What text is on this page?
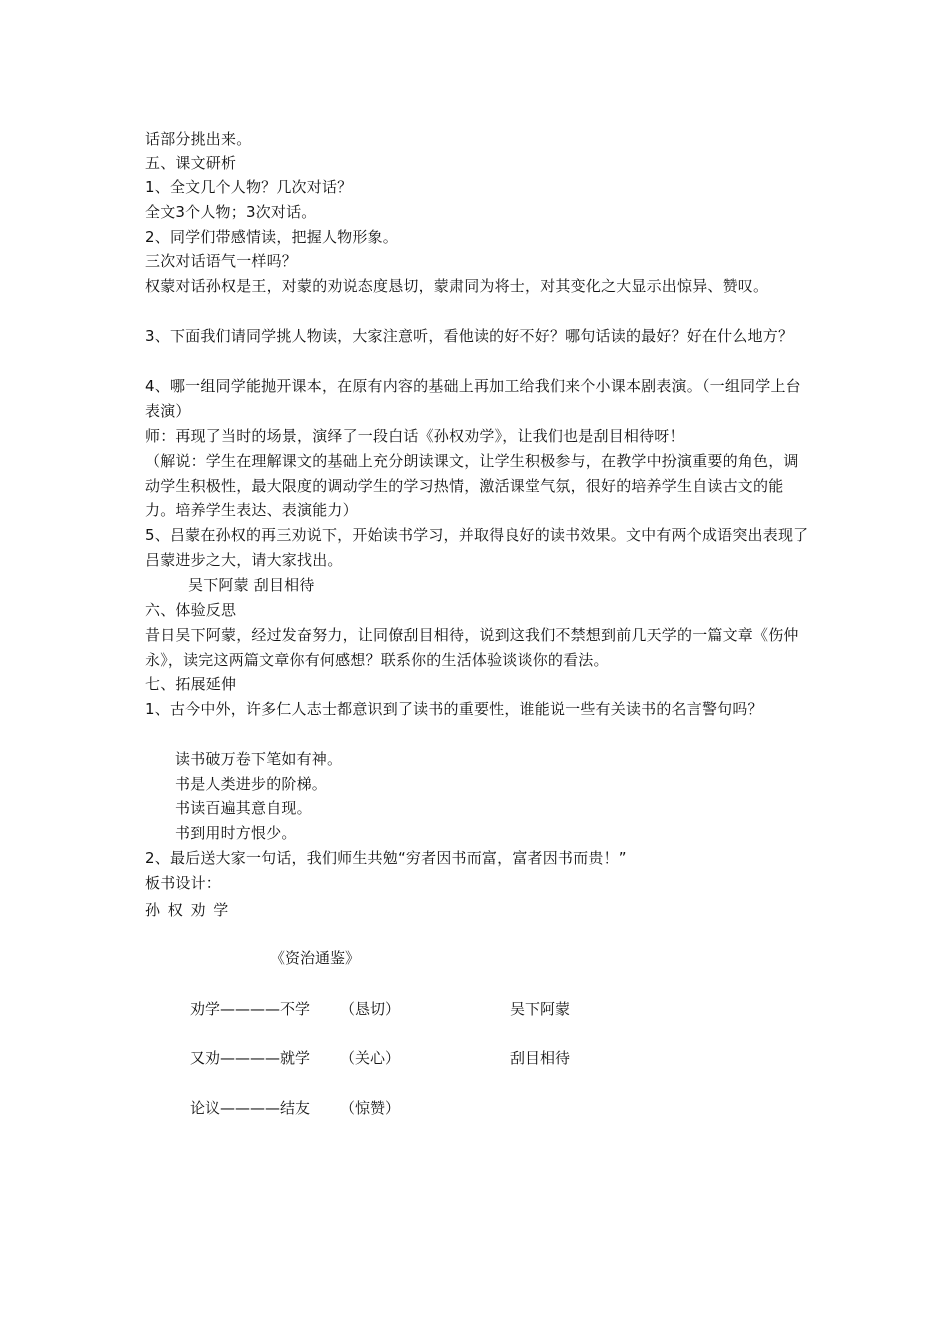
话部分挑出来。
五、课文研析
1、全文几个人物？几次对话？
全文3个人物；3次对话。
2、同学们带感情读，把握人物形象。
三次对话语气一样吗？
权蒙对话孙权是王，对蒙的劝说态度恳切，蒙肃同为将士，对其变化之大显示出惊异、赞叹。
3、下面我们请同学挑人物读，大家注意听，看他读的好不好？哪句话读的最好？好在什么地方？
4、哪一组同学能抛开课本，在原有内容的基础上再加工给我们来个小课本剧表演。（一组同学上台表演）
师：再现了当时的场景，演绎了一段白话《孙权劝学》，让我们也是刮目相待呀！
（解说：学生在理解课文的基础上充分朗读课文，让学生积极参与，在教学中扮演重要的角色，调动学生积极性，最大限度的调动学生的学习热情，激活课堂气氛，很好的培养学生自读古文的能力。培养学生表达、表演能力）
5、吕蒙在孙权的再三劝说下，开始读书学习，并取得良好的读书效果。文中有两个成语突出表现了吕蒙进步之大，请大家找出。
吴下阿蒙 刮目相待
六、体验反思
昔日吴下阿蒙，经过发奋努力，让同僚刮目相待，说到这我们不禁想到前几天学的一篇文章《伤仲永》，读完这两篇文章你有何感想？联系你的生活体验谈谈你的看法。
七、拓展延伸
1、古今中外，许多仁人志士都意识到了读书的重要性，谁能说一些有关读书的名言警句吗？
读书破万卷下笔如有神。
书是人类进步的阶梯。
书读百遍其意自现。
书到用时方恨少。
2、最后送大家一句话，我们师生共勉“穷者因书而富，富者因书而贵！”
板书设计：
孙 权 劝 学
《资治通鉴》
劝学————不学 （恳切）	吴下阿蒙
又劝————就学 （关心）	刮目相待
论议————结友 （惊赞）
